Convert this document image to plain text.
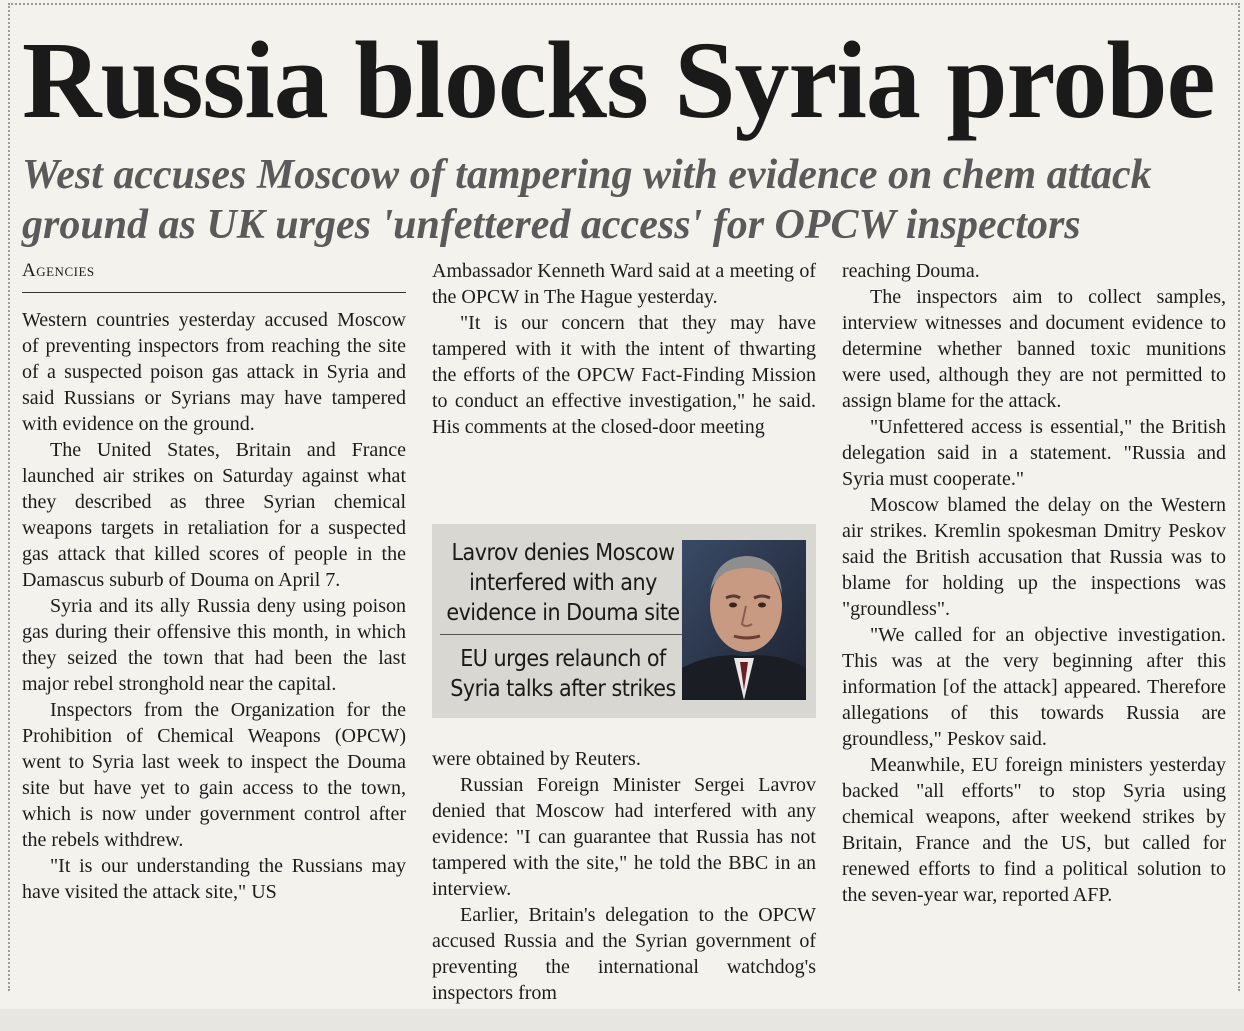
Russia blocks Syria probe
West accuses Moscow of tampering with evidence on chem attack ground as UK urges 'unfettered access' for OPCW inspectors
Agencies

Western countries yesterday accused Moscow of preventing inspectors from reaching the site of a suspected poison gas attack in Syria and said Russians or Syrians may have tampered with evidence on the ground.

The United States, Britain and France launched air strikes on Saturday against what they described as three Syrian chemical weapons targets in retaliation for a suspected gas attack that killed scores of people in the Damascus suburb of Douma on April 7.

Syria and its ally Russia deny using poison gas during their offensive this month, in which they seized the town that had been the last major rebel stronghold near the capital.

Inspectors from the Organization for the Prohibition of Chemical Weapons (OPCW) went to Syria last week to inspect the Douma site but have yet to gain access to the town, which is now under government control after the rebels withdrew.

"It is our understanding the Russians may have visited the attack site," US

Ambassador Kenneth Ward said at a meeting of the OPCW in The Hague yesterday.

"It is our concern that they may have tampered with it with the intent of thwarting the efforts of the OPCW Fact-Finding Mission to conduct an effective investigation," he said. His comments at the closed-door meeting

Lavrov denies Moscow interfered with any evidence in Douma site
EU urges relaunch of Syria talks after strikes

were obtained by Reuters.

Russian Foreign Minister Sergei Lavrov denied that Moscow had interfered with any evidence: "I can guarantee that Russia has not tampered with the site," he told the BBC in an interview.

Earlier, Britain's delegation to the OPCW accused Russia and the Syrian government of preventing the international watchdog's inspectors from

reaching Douma.

The inspectors aim to collect samples, interview witnesses and document evidence to determine whether banned toxic munitions were used, although they are not permitted to assign blame for the attack.

"Unfettered access is essential," the British delegation said in a statement. "Russia and Syria must cooperate."

Moscow blamed the delay on the Western air strikes. Kremlin spokesman Dmitry Peskov said the British accusation that Russia was to blame for holding up the inspections was "groundless".

"We called for an objective investigation. This was at the very beginning after this information [of the attack] appeared. Therefore allegations of this towards Russia are groundless," Peskov said.

Meanwhile, EU foreign ministers yesterday backed "all efforts" to stop Syria using chemical weapons, after weekend strikes by Britain, France and the US, but called for renewed efforts to find a political solution to the seven-year war, reported AFP.
